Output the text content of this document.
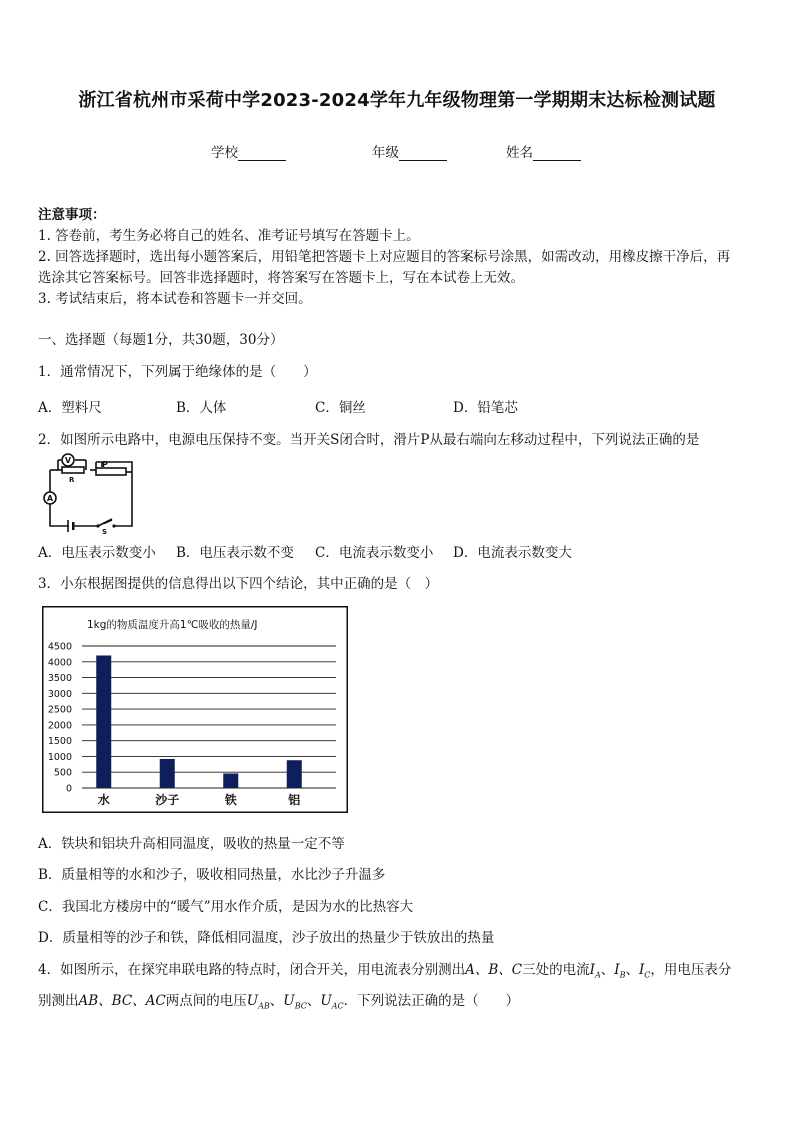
浙江省杭州市采荷中学2023-2024学年九年级物理第一学期期末达标检测试题
学校	年级	姓名
注意事项：
1. 答卷前，考生务必将自己的姓名、准考证号填写在答题卡上。
2. 回答选择题时，选出每小题答案后，用铅笔把答题卡上对应题目的答案标号涂黑，如需改动，用橡皮擦干净后，再
选涂其它答案标号。回答非选择题时，将答案写在答题卡上，写在本试卷上无效。
3. 考试结束后，将本试卷和答题卡一并交回。
一、选择题（每题1分，共30题，30分）
1．通常情况下，下列属于绝缘体的是（　　）
A．塑料尺	B．人体	C．铜丝	D．铅笔芯
2．如图所示电路中，电源电压保持不变。当开关S闭合时，滑片P从最右端向左移动过程中，下列说法正确的是
V
A
R
P
S
A．电压表示数变小 B．电压表示数不变 C．电流表示数变小 D．电流表示数变大
3．小东根据图提供的信息得出以下四个结论，其中正确的是（　）
1kg的物质温度升高1℃吸收的热量/J
4500
4000
3500
3000
2500
2000
1500
1000
500
0
水	沙子	铁	铝
A．铁块和铝块升高相同温度，吸收的热量一定不等
B．质量相等的水和沙子，吸收相同热量，水比沙子升温多
C．我国北方楼房中的“暖气”用水作介质，是因为水的比热容大
D．质量相等的沙子和铁，降低相同温度，沙子放出的热量少于铁放出的热量
4．如图所示，在探究串联电路的特点时，闭合开关，用电流表分别测出A、B、C三处的电流$I_A$、$I_B$、$I_C$，用电压表分
别测出AB、BC、AC两点间的电压$U_{AB}$、$U_{BC}$、$U_{AC}$．下列说法正确的是（　　）
